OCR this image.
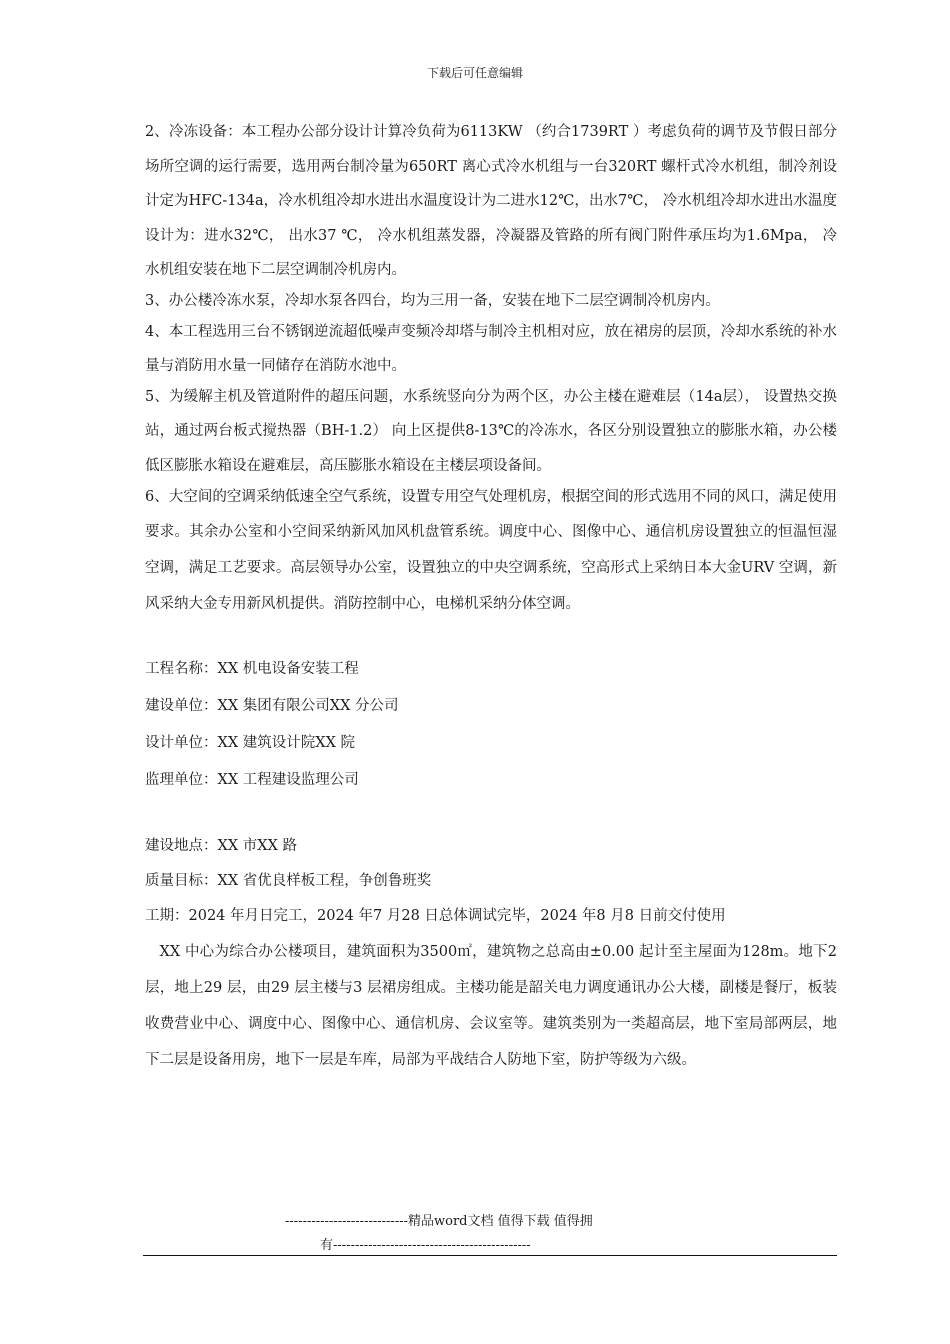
下载后可任意编辑

2、冷冻设备：本工程办公部分设计计算冷负荷为6113KW （约合1739RT ）考虑负荷的调节及节假日部分场所空调的运行需要，选用两台制冷量为650RT 离心式冷水机组与一台320RT 螺杆式冷水机组，制冷剂设计定为HFC-134a，冷水机组冷却水进出水温度设计为二进水12℃，出水7℃， 冷水机组冷却水进出水温度设计为：进水32℃， 出水37 ℃， 冷水机组蒸发器，冷凝器及管路的所有阀门附件承压均为1.6Mpa， 冷水机组安装在地下二层空调制冷机房内。

3、办公楼冷冻水泵，冷却水泵各四台，均为三用一备，安装在地下二层空调制冷机房内。

4、本工程选用三台不锈钢逆流超低噪声变频冷却塔与制冷主机相对应，放在裙房的层顶，冷却水系统的补水量与消防用水量一同储存在消防水池中。

5、为缓解主机及管道附件的超压问题，水系统竖向分为两个区，办公主楼在避难层（14a层）， 设置热交换站，通过两台板式搅热器（BH-1.2） 向上区提供8-13℃的冷冻水，各区分别设置独立的膨胀水箱，办公楼低区膨胀水箱设在避难层，高压膨胀水箱设在主楼层项设备间。

6、大空间的空调采纳低速全空气系统，设置专用空气处理机房，根据空间的形式选用不同的风口，满足使用要求。其余办公室和小空间采纳新风加风机盘管系统。调度中心、图像中心、通信机房设置独立的恒温恒湿空调，满足工艺要求。高层领导办公室，设置独立的中央空调系统，空高形式上采纳日本大金URV 空调，新风采纳大金专用新风机提供。消防控制中心，电梯机采纳分体空调。

工程名称：XX 机电设备安装工程

建设单位：XX 集团有限公司XX 分公司

设计单位：XX 建筑设计院XX 院

监理单位：XX 工程建设监理公司

建设地点：XX 市XX 路

质量目标：XX 省优良样板工程，争创鲁班奖

工期：2024 年月日完工，2024 年7 月28 日总体调试完毕，2024 年8 月8 日前交付使用

XX 中心为综合办公楼项目，建筑面积为3500㎡，建筑物之总高由±0.00 起计至主屋面为128m。地下2 层，地上29 层，由29 层主楼与3 层裙房组成。主楼功能是韶关电力调度通讯办公大楼，副楼是餐厅，板装收费营业中心、调度中心、图像中心、通信机房、会议室等。建筑类别为一类超高层，地下室局部两层，地下二层是设备用房，地下一层是车库，局部为平战结合人防地下室，防护等级为六级。

----------------------------精品word文档 值得下载 值得拥
有---------------------------------------------
